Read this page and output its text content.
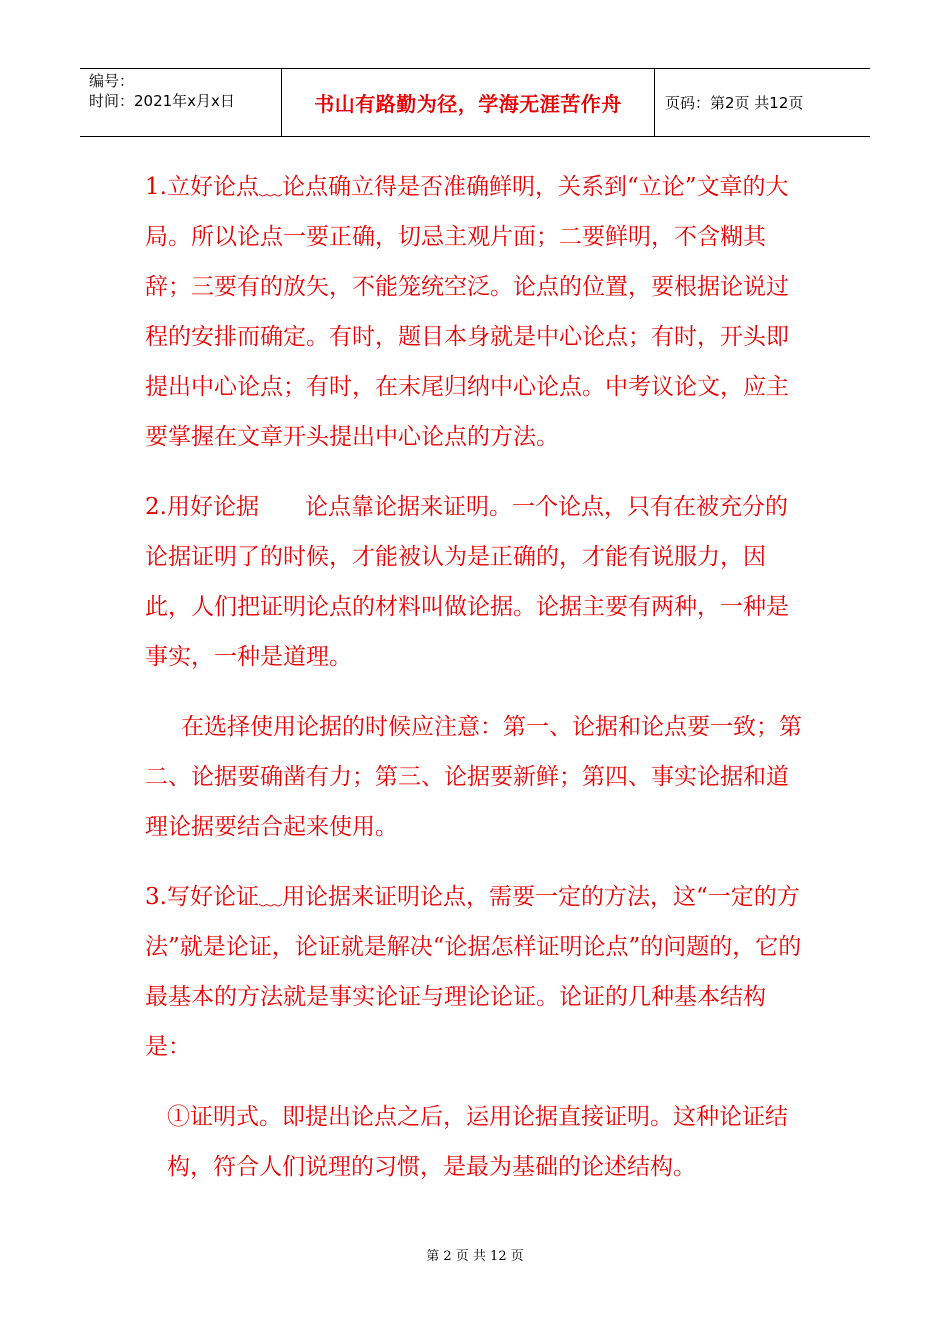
编号：
时间：2021年x月x日	书山有路勤为径，学海无涯苦作舟	页码：第2页 共12页

1.立好论点﹏论点确立得是否准确鲜明，关系到“立论”文章的大局。所以论点一要正确，切忌主观片面；二要鲜明，不含糊其辞；三要有的放矢，不能笼统空泛。论点的位置，要根据论说过程的安排而确定。有时，题目本身就是中心论点；有时，开头即提出中心论点；有时，在末尾归纳中心论点。中考议论文，应主要掌握在文章开头提出中心论点的方法。

2.用好论据　　论点靠论据来证明。一个论点，只有在被充分的论据证明了的时候，才能被认为是正确的，才能有说服力，因此，人们把证明论点的材料叫做论据。论据主要有两种，一种是事实，一种是道理。

在选择使用论据的时候应注意：第一、论据和论点要一致；第二、论据要确凿有力；第三、论据要新鲜；第四、事实论据和道理论据要结合起来使用。

3.写好论证﹏用论据来证明论点，需要一定的方法，这“一定的方法”就是论证，论证就是解决“论据怎样证明论点”的问题的，它的最基本的方法就是事实论证与理论论证。论证的几种基本结构是：

①证明式。即提出论点之后，运用论据直接证明。这种论证结构，符合人们说理的习惯，是最为基础的论述结构。

第 2 页 共 12 页
